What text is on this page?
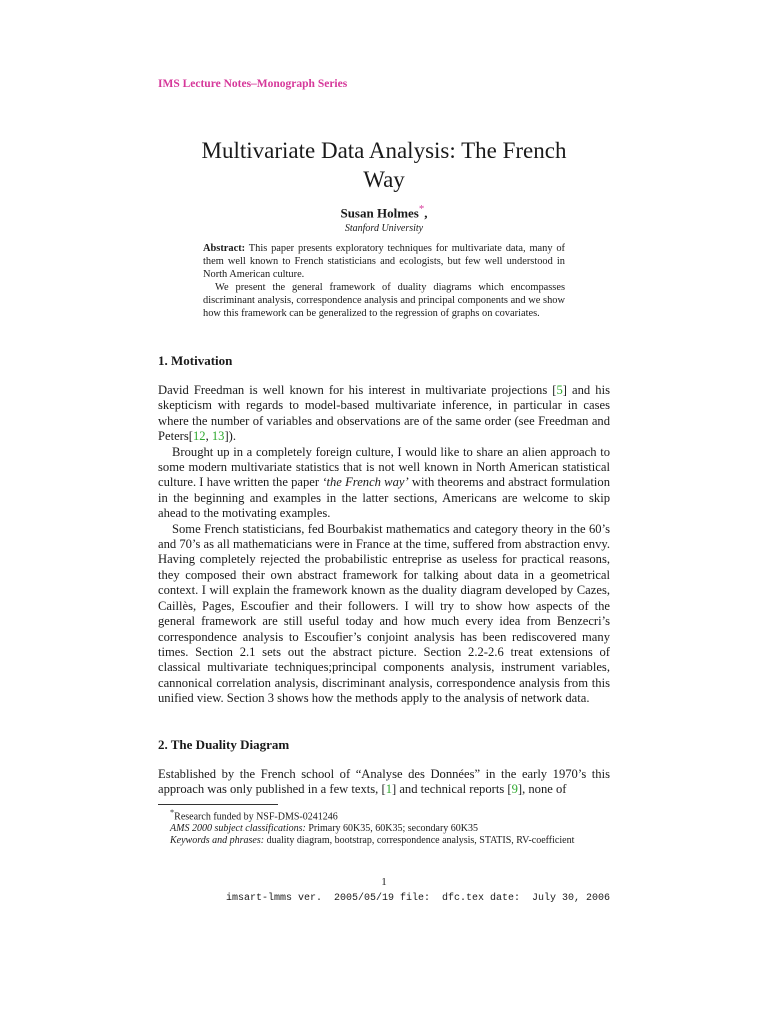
IMS Lecture Notes–Monograph Series
Multivariate Data Analysis: The French
Way
Susan Holmes*,
Stanford University

Abstract: This paper presents exploratory techniques for multivariate data, many of them well known to French statisticians and ecologists, but few well understood in North American culture.

We present the general framework of duality diagrams which encompasses discriminant analysis, correspondence analysis and principal components and we show how this framework can be generalized to the regression of graphs on covariates.

1. Motivation

David Freedman is well known for his interest in multivariate projections [5] and his skepticism with regards to model-based multivariate inference, in particular in cases where the number of variables and observations are of the same order (see Freedman and Peters[12, 13]).

Brought up in a completely foreign culture, I would like to share an alien approach to some modern multivariate statistics that is not well known in North American statistical culture. I have written the paper ‘the French way’ with theorems and abstract formulation in the beginning and examples in the latter sections, Americans are welcome to skip ahead to the motivating examples.

Some French statisticians, fed Bourbakist mathematics and category theory in the 60’s and 70’s as all mathematicians were in France at the time, suffered from abstraction envy. Having completely rejected the probabilistic entreprise as useless for practical reasons, they composed their own abstract framework for talking about data in a geometrical context. I will explain the framework known as the duality diagram developed by Cazes, Caillès, Pages, Escoufier and their followers. I will try to show how aspects of the general framework are still useful today and how much every idea from Benzecri’s correspondence analysis to Escoufier’s conjoint analysis has been rediscovered many times. Section 2.1 sets out the abstract picture. Section 2.2-2.6 treat extensions of classical multivariate techniques;principal components analysis, instrument variables, cannonical correlation analysis, discriminant analysis, correspondence analysis from this unified view. Section 3 shows how the methods apply to the analysis of network data.

2. The Duality Diagram

Established by the French school of “Analyse des Données” in the early 1970’s this approach was only published in a few texts, [1] and technical reports [9], none of

*Research funded by NSF-DMS-0241246

AMS 2000 subject classifications: Primary 60K35, 60K35; secondary 60K35

Keywords and phrases: duality diagram, bootstrap, correspondence analysis, STATIS, RV-coefficient

1
imsart-lmms ver.  2005/05/19 file:  dfc.tex date:  July 30, 2006
